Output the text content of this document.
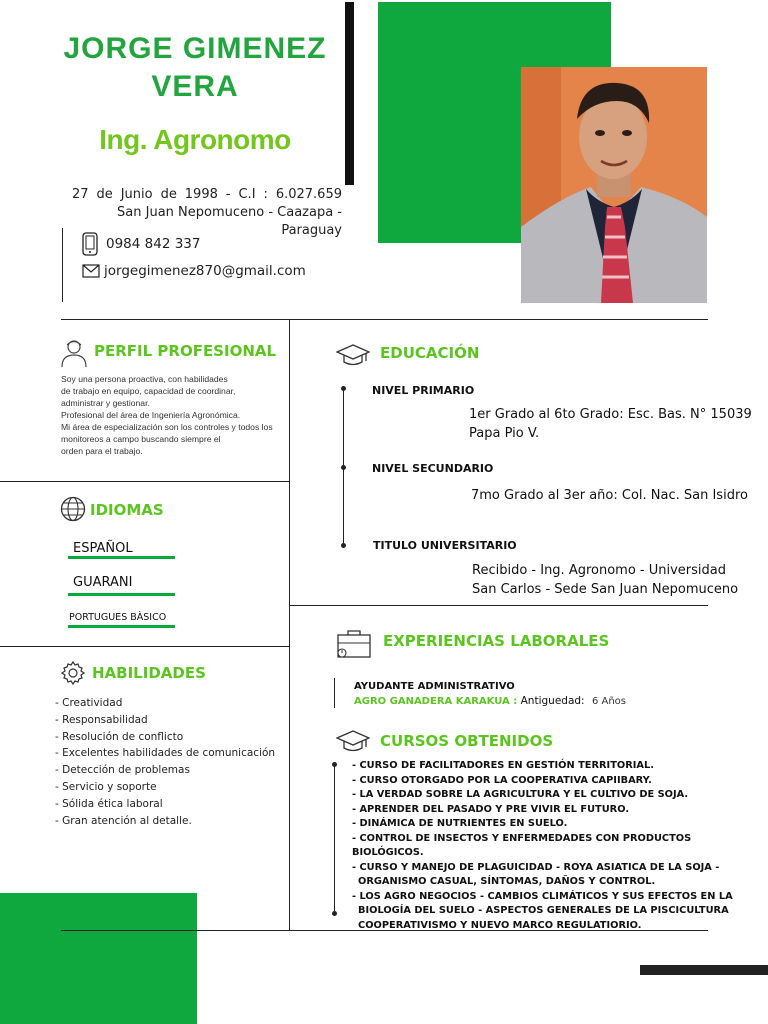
JORGE GIMENEZ
VERA
Ing. Agronomo
27 de Junio de 1998 - C.I : 6.027.659
San Juan Nepomuceno - Caazapa - Paraguay
0984 842 337
jorgegimenez870@gmail.com
PERFIL PROFESIONAL
Soy una persona proactiva, con habilidades
de trabajo en equipo, capacidad de coordinar,
administrar y gestionar.
Profesional del área de Ingeniería Agronómica.
Mi área de especialización son los controles y todos los
monitoreos a campo buscando siempre el
orden para el trabajo.
IDIOMAS
ESPAÑOL
GUARANI
PORTUGUES BÀSICO
HABILIDADES
- Creatividad
- Responsabilidad
- Resolución de conflicto
- Excelentes habilidades de comunicación
- Detección de problemas
- Servicio y soporte
- Sólida ética laboral
- Gran atención al detalle.
EDUCACIÓN
NIVEL PRIMARIO
1er Grado al 6to Grado: Esc. Bas. N° 15039
Papa Pio V.
NIVEL SECUNDARIO
7mo Grado al 3er año: Col. Nac. San Isidro
TITULO UNIVERSITARIO
Recibido - Ing. Agronomo - Universidad
San Carlos - Sede San Juan Nepomuceno
EXPERIENCIAS LABORALES
AYUDANTE ADMINISTRATIVO
AGRO GANADERA KARAKUA : Antiguedad: 6 Años
CURSOS OBTENIDOS
- CURSO DE FACILITADORES EN GESTIÓN TERRITORIAL.
- CURSO OTORGADO POR LA COOPERATIVA CAPIIBARY.
- LA VERDAD SOBRE LA AGRICULTURA Y EL CULTIVO DE SOJA.
- APRENDER DEL PASADO Y PRE VIVIR EL FUTURO.
- DINÁMICA DE NUTRIENTES EN SUELO.
- CONTROL DE INSECTOS Y ENFERMEDADES CON PRODUCTOS BIOLÓGICOS.
- CURSO Y MANEJO DE PLAGUICIDAD - ROYA ASIATICA DE LA SOJA -
ORGANISMO CASUAL, SÍNTOMAS, DAÑOS Y CONTROL.
- LOS AGRO NEGOCIOS - CAMBIOS CLIMÁTICOS Y SUS EFECTOS EN LA
BIOLOGÍA DEL SUELO - ASPECTOS GENERALES DE LA PISCICULTURA
COOPERATIVISMO Y NUEVO MARCO REGULATIORIO.
